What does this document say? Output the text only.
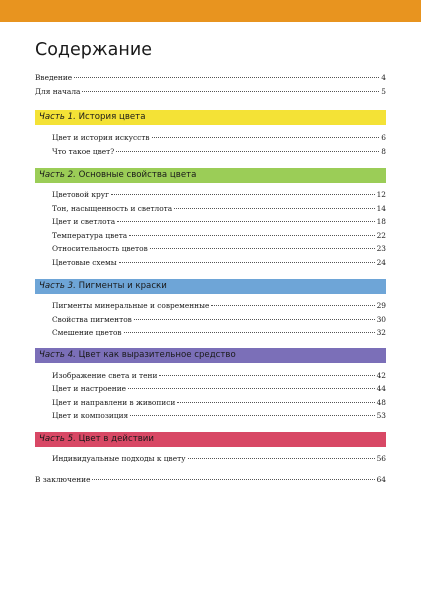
Содержание
Введение	4
Для начала	5
Часть 1. История цвета
Цвет и история искусств	6
Что такое цвет?	8
Часть 2. Основные свойства цвета
Цветовой круг	12
Тон, насыщенность и светлота	14
Цвет и светлота	18
Температура цвета	22
Относительность цветов	23
Цветовые схемы	24
Часть 3. Пигменты и краски
Пигменты минеральные и современные	29
Свойства пигментов	30
Смешение цветов	32
Часть 4. Цвет как выразительное средство
Изображение света и тени	42
Цвет и настроение	44
Цвет и направлени в живописи	48
Цвет и композиция	53
Часть 5. Цвет в действии
Индивидуальные подходы к цвету	56
В заключение	64
